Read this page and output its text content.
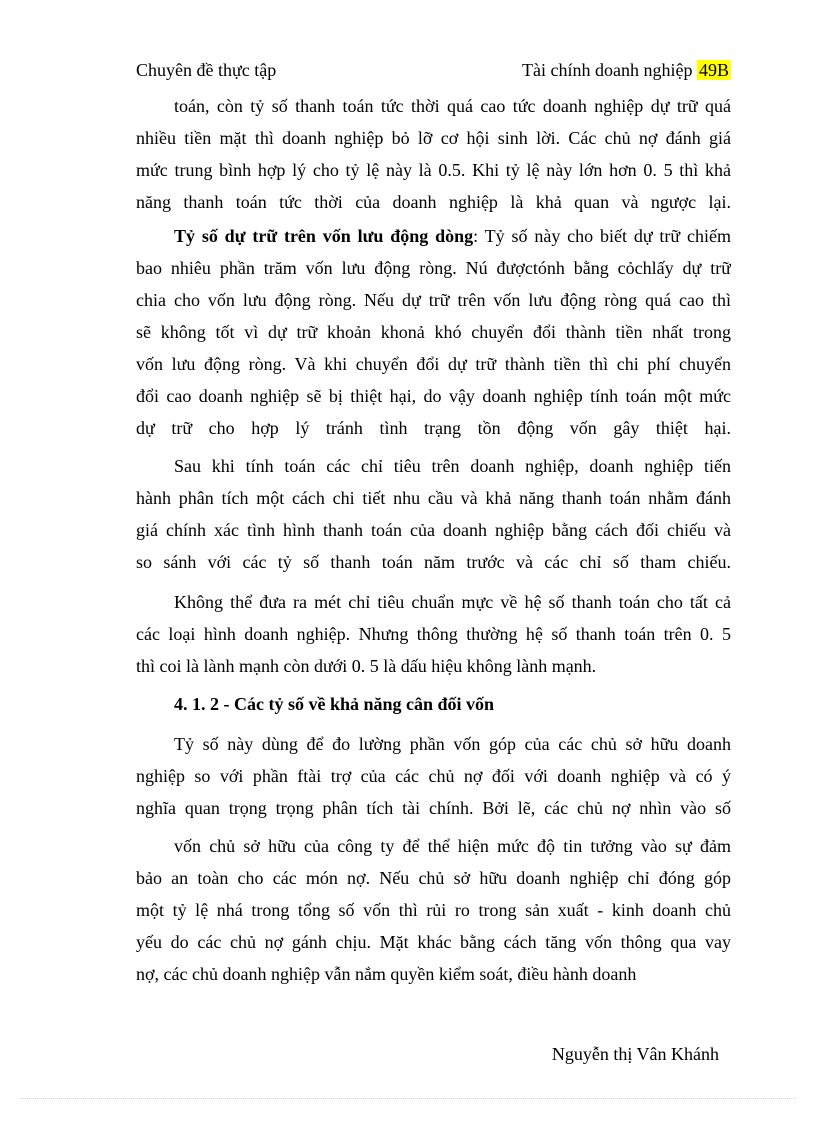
Chuyên đề thực tập	Tài chính doanh nghiệp 49B
toán, còn tỷ số thanh toán tức thời quá cao tức doanh nghiệp dự trữ quá
nhiều tiền mặt thì doanh nghiệp bỏ lỡ cơ hội sinh lời. Các chủ nợ đánh giá
mức trung bình hợp lý cho tỷ lệ này là 0.5. Khi tỷ lệ này lớn hơn 0. 5 thì khả
năng thanh toán tức thời của doanh nghiệp là khả quan và ngược lại.
Tỷ số dự trữ trên vốn lưu động dòng: Tỷ số này cho biết dự trữ chiếm
bao nhiêu phần trăm vốn lưu động ròng. Nú đượctónh bằng cỏchlấy dự trữ
chia cho vốn lưu động ròng. Nếu dự trữ trên vốn lưu động ròng quá cao thì
sẽ không tốt vì dự trữ khoản khonả khó chuyển đổi thành tiền nhất trong
vốn lưu động ròng. Và khi chuyển đổi dự trữ thành tiền thì chi phí chuyển
đổi cao doanh nghiệp sẽ bị thiệt hại, do vậy doanh nghiệp tính toán một mức
dự trữ cho hợp lý tránh tình trạng tồn động vốn gây thiệt hại.
Sau khi tính toán các chỉ tiêu trên doanh nghiệp, doanh nghiệp tiến
hành phân tích một cách chi tiết nhu cầu và khả năng thanh toán nhằm đánh
giá chính xác tình hình thanh toán của doanh nghiệp bằng cách đối chiếu và
so sánh với các tỷ số thanh toán năm trước và các chỉ số tham chiếu.
Không thể đưa ra mét chỉ tiêu chuẩn mực về hệ số thanh toán cho tất cả
các loại hình doanh nghiệp. Nhưng thông thường hệ số thanh toán trên 0. 5
thì coi là lành mạnh còn dưới 0. 5 là dấu hiệu không lành mạnh.
4. 1. 2 - Các tỷ số về khả năng cân đối vốn
Tỷ số này dùng để đo lường phần vốn góp của các chủ sở hữu doanh
nghiệp so với phần ftài trợ của các chủ nợ đối với doanh nghiệp và có ý
nghĩa quan trọng trọng phân tích tài chính. Bởi lẽ, các chủ nợ nhìn vào số
vốn chủ sở hữu của công ty để thể hiện mức độ tin tưởng vào sự đảm
bảo an toàn cho các món nợ. Nếu chủ sở hữu doanh nghiệp chỉ đóng góp
một tỷ lệ nhá trong tổng số vốn thì rủi ro trong sản xuất - kinh doanh chủ
yếu do các chủ nợ gánh chịu. Mặt khác bằng cách tăng vốn thông qua vay
nợ, các chủ doanh nghiệp vẫn nắm quyền kiểm soát, điều hành doanh
Nguyễn thị Vân Khánh
